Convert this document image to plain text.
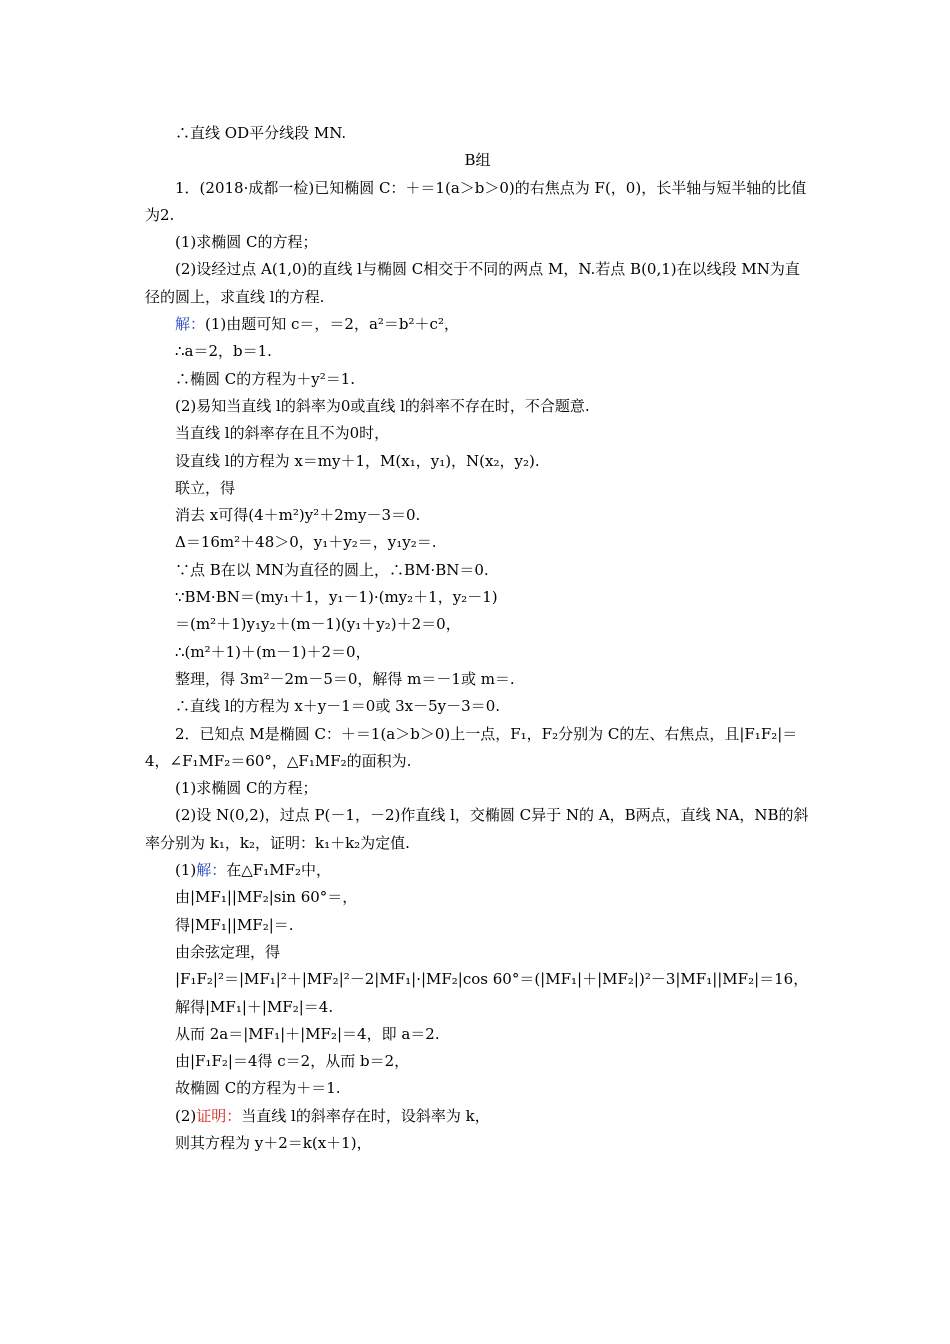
∴直线 OD平分线段 MN.
B组
1．(2018·成都一检)已知椭圆 C：＋＝1(a＞b＞0)的右焦点为 F(，0)，长半轴与短半轴的比值为2.
(1)求椭圆 C的方程；
(2)设经过点 A(1,0)的直线 l与椭圆 C相交于不同的两点 M，N.若点 B(0,1)在以线段 MN为直径的圆上，求直线 l的方程.
解：(1)由题可知 c＝，＝2，a²＝b²＋c²，
∴a＝2，b＝1.
∴椭圆 C的方程为＋y²＝1.
(2)易知当直线 l的斜率为0或直线 l的斜率不存在时，不合题意.
当直线 l的斜率存在且不为0时，
设直线 l的方程为 x＝my＋1，M(x₁，y₁)，N(x₂，y₂).
联立，得
消去 x可得(4＋m²)y²＋2my－3＝0.
Δ＝16m²＋48＞0，y₁＋y₂＝，y₁y₂＝.
∵点 B在以 MN为直径的圆上，∴BM·BN＝0.
∵BM·BN＝(my₁＋1，y₁－1)·(my₂＋1，y₂－1)
＝(m²＋1)y₁y₂＋(m－1)(y₁＋y₂)＋2＝0，
∴(m²＋1)＋(m－1)＋2＝0，
整理，得 3m²－2m－5＝0，解得 m＝－1或 m＝.
∴直线 l的方程为 x＋y－1＝0或 3x－5y－3＝0.
2．已知点 M是椭圆 C：＋＝1(a＞b＞0)上一点，F₁，F₂分别为 C的左、右焦点，且|F₁F₂|＝4，∠F₁MF₂＝60°，△F₁MF₂的面积为.
(1)求椭圆 C的方程；
(2)设 N(0,2)，过点 P(－1，－2)作直线 l，交椭圆 C异于 N的 A，B两点，直线 NA，NB的斜率分别为 k₁，k₂，证明：k₁＋k₂为定值.
(1)解：在△F₁MF₂中，
由|MF₁||MF₂|sin 60°＝，
得|MF₁||MF₂|＝.
由余弦定理，得
|F₁F₂|²＝|MF₁|²＋|MF₂|²－2|MF₁|·|MF₂|cos 60°＝(|MF₁|＋|MF₂|)²－3|MF₁||MF₂|＝16，
解得|MF₁|＋|MF₂|＝4.
从而 2a＝|MF₁|＋|MF₂|＝4，即 a＝2.
由|F₁F₂|＝4得 c＝2，从而 b＝2，
故椭圆 C的方程为＋＝1.
(2)证明：当直线 l的斜率存在时，设斜率为 k，
则其方程为 y＋2＝k(x＋1)，
